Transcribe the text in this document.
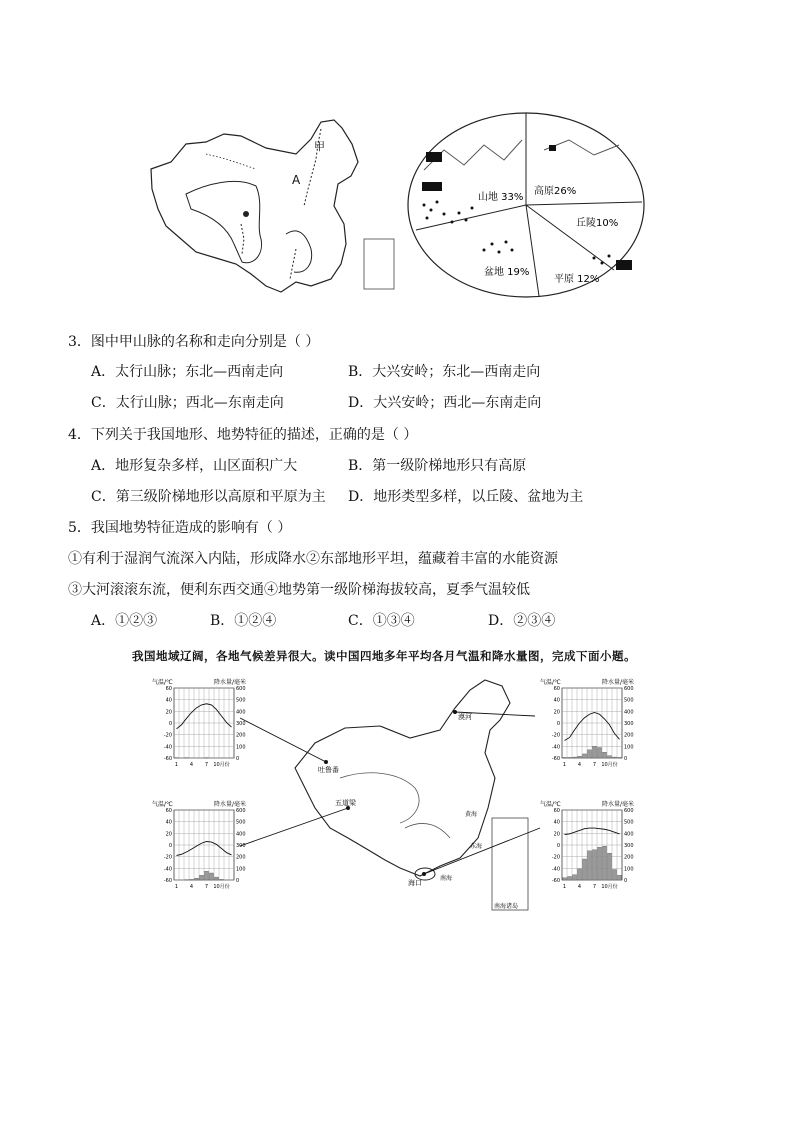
甲
A
山地 33%
高原26%
丘陵10%
平原 12%
盆地 19%
3．图中甲山脉的名称和走向分别是（ ）
A．太行山脉；东北—西南走向	B．大兴安岭；东北—西南走向
C．太行山脉；西北—东南走向	D．大兴安岭；西北—东南走向
4．下列关于我国地形、地势特征的描述，正确的是（ ）
A．地形复杂多样，山区面积广大	B．第一级阶梯地形只有高原
C．第三级阶梯地形以高原和平原为主 D．地形类型多样，以丘陵、盆地为主
5．我国地势特征造成的影响有（ ）
①有利于湿润气流深入内陆，形成降水②东部地形平坦，蕴藏着丰富的水能资源
③大河滚滚东流，便利东西交通④地势第一级阶梯海拔较高，夏季气温较低
A．①②③	B．①②④	C．①③④	D．②③④
我国地域辽阔，各地气候差异很大。读中国四地多年平均各月气温和降水量图，完成下面小题。
南海诸岛
吐鲁番
漠河
五道梁
海口
黄海
东海
南海
气温/℃	降水量/毫米
60	600
40	500
20	400
0	300
-20	200
-40	100
-60	0
1 4 7 10月份
气温/℃	降水量/毫米
60	600
40	500
20	400
0	300
-20	200
-40	100
-60	0
1 4 7 10月份
气温/℃	降水量/毫米
60	600
40	500
20	400
0	300
-20	200
-40	100
-60	0
1 4 7 10月份
气温/℃	降水量/毫米
60	600
40	500
20	400
0	300
-20	200
-40	100
-60	0
1 4 7 10月份
